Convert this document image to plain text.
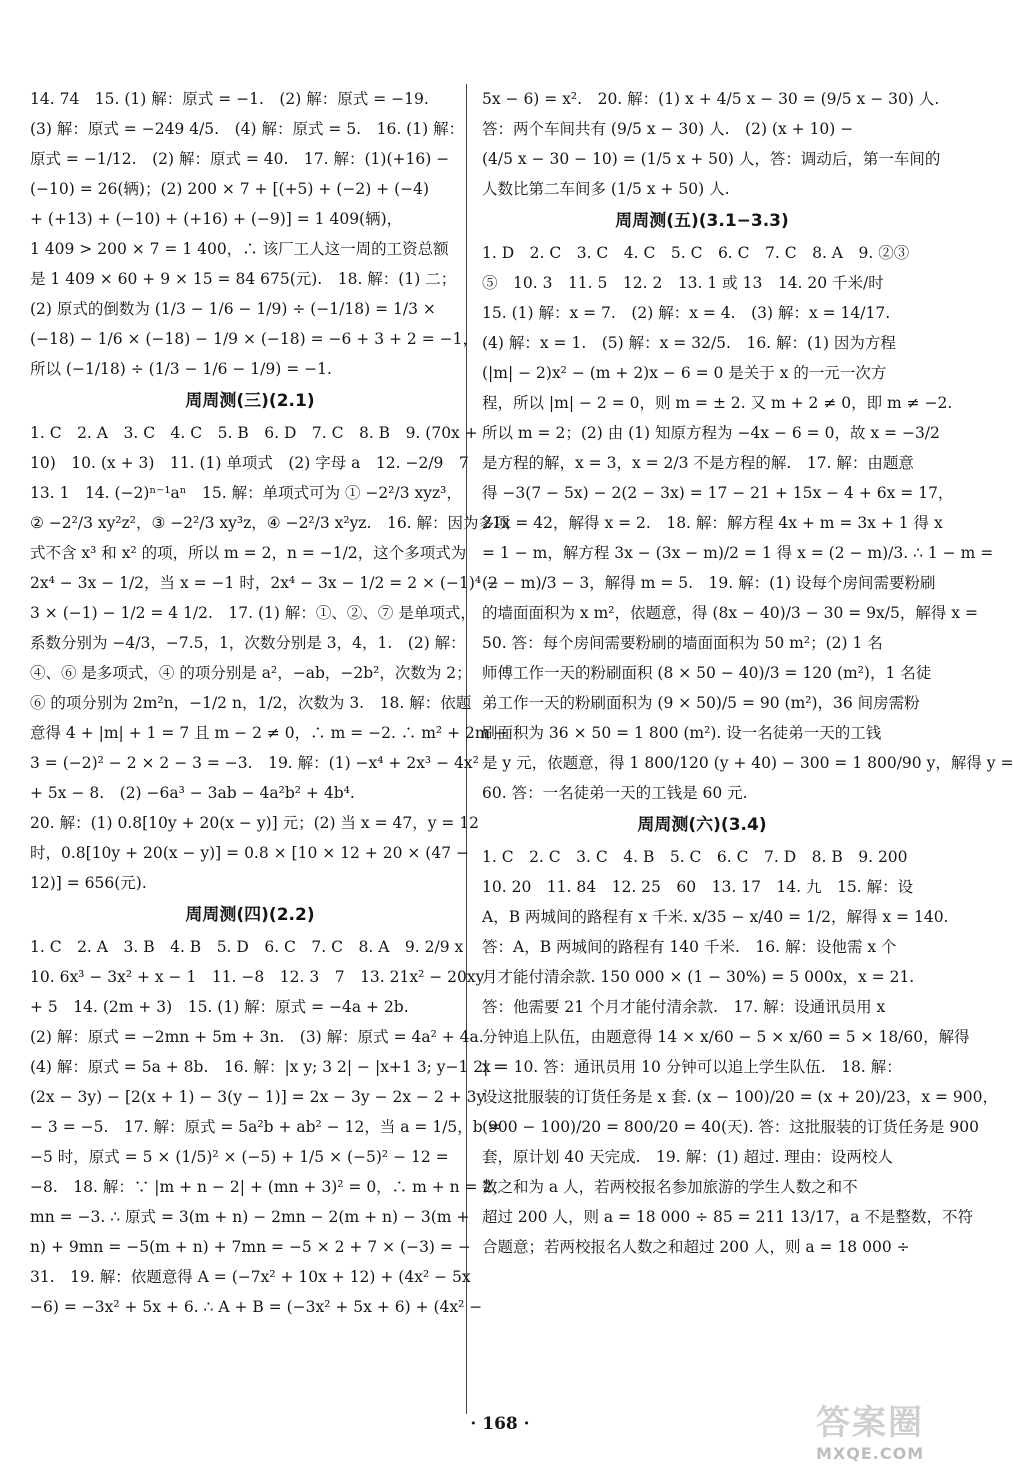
14. 74　15. (1) 解：原式 = −1.　(2) 解：原式 = −19.
(3) 解：原式 = −249 4/5.　(4) 解：原式 = 5.　16. (1) 解：
原式 = −1/12.　(2) 解：原式 = 40.　17. 解：(1)(+16) −
(−10) = 26(辆)；(2) 200 × 7 + [(+5) + (−2) + (−4)
+ (+13) + (−10) + (+16) + (−9)] = 1 409(辆)，
1 409 > 200 × 7 = 1 400，∴ 该厂工人这一周的工资总额
是 1 409 × 60 + 9 × 15 = 84 675(元).　18. 解：(1) 二；
(2) 原式的倒数为 (1/3 − 1/6 − 1/9) ÷ (−1/18) = 1/3 ×
(−18) − 1/6 × (−18) − 1/9 × (−18) = −6 + 3 + 2 = −1，
所以 (−1/18) ÷ (1/3 − 1/6 − 1/9) = −1.
周周测(三)(2.1)
1. C　2. A　3. C　4. C　5. B　6. D　7. C　8. B　9. (70x +
10)　10. (x + 3)　11. (1) 单项式　(2) 字母 a　12. −2/9　7
13. 1　14. (−2)ⁿ⁻¹aⁿ　15. 解：单项式可为 ① −2²/3 xyz³，
② −2²/3 xy²z²，③ −2²/3 xy³z，④ −2²/3 x²yz.　16. 解：因为多项
式不含 x³ 和 x² 的项，所以 m = 2，n = −1/2，这个多项式为
2x⁴ − 3x − 1/2，当 x = −1 时，2x⁴ − 3x − 1/2 = 2 × (−1)⁴ −
3 × (−1) − 1/2 = 4 1/2.　17. (1) 解：①、②、⑦ 是单项式，
系数分别为 −4/3，−7.5，1，次数分别是 3，4，1.　(2) 解：
④、⑥ 是多项式，④ 的项分别是 a²，−ab，−2b²，次数为 2；
⑥ 的项分别为 2m²n，−1/2 n，1/2，次数为 3.　18. 解：依题
意得 4 + |m| + 1 = 7 且 m − 2 ≠ 0，∴ m = −2. ∴ m² + 2m −
3 = (−2)² − 2 × 2 − 3 = −3.　19. 解：(1) −x⁴ + 2x³ − 4x²
+ 5x − 8.　(2) −6a³ − 3ab − 4a²b² + 4b⁴.
20. 解：(1) 0.8[10y + 20(x − y)] 元；(2) 当 x = 47，y = 12
时，0.8[10y + 20(x − y)] = 0.8 × [10 × 12 + 20 × (47 −
12)] = 656(元).
周周测(四)(2.2)
1. C　2. A　3. B　4. B　5. D　6. C　7. C　8. A　9. 2/9 x
10. 6x³ − 3x² + x − 1　11. −8　12. 3　7　13. 21x² − 20xy
+ 5　14. (2m + 3)　15. (1) 解：原式 = −4a + 2b.
(2) 解：原式 = −2mn + 5m + 3n.　(3) 解：原式 = 4a² + 4a.
(4) 解：原式 = 5a + 8b.　16. 解：|x y; 3 2| − |x+1 3; y−1 2| =
(2x − 3y) − [2(x + 1) − 3(y − 1)] = 2x − 3y − 2x − 2 + 3y
− 3 = −5.　17. 解：原式 = 5a²b + ab² − 12，当 a = 1/5，b =
−5 时，原式 = 5 × (1/5)² × (−5) + 1/5 × (−5)² − 12 =
−8.　18. 解：∵ |m + n − 2| + (mn + 3)² = 0，∴ m + n = 2，
mn = −3. ∴ 原式 = 3(m + n) − 2mn − 2(m + n) − 3(m +
n) + 9mn = −5(m + n) + 7mn = −5 × 2 + 7 × (−3) = −
31.　19. 解：依题意得 A = (−7x² + 10x + 12) + (4x² − 5x
−6) = −3x² + 5x + 6. ∴ A + B = (−3x² + 5x + 6) + (4x² −
5x − 6) = x².　20. 解：(1) x + 4/5 x − 30 = (9/5 x − 30) 人.
答：两个车间共有 (9/5 x − 30) 人.　(2) (x + 10) −
(4/5 x − 30 − 10) = (1/5 x + 50) 人，答：调动后，第一车间的
人数比第二车间多 (1/5 x + 50) 人.
周周测(五)(3.1−3.3)
1. D　2. C　3. C　4. C　5. C　6. C　7. C　8. A　9. ②③
⑤　10. 3　11. 5　12. 2　13. 1 或 13　14. 20 千米/时
15. (1) 解：x = 7.　(2) 解：x = 4.　(3) 解：x = 14/17.
(4) 解：x = 1.　(5) 解：x = 32/5.　16. 解：(1) 因为方程
(|m| − 2)x² − (m + 2)x − 6 = 0 是关于 x 的一元一次方
程，所以 |m| − 2 = 0，则 m = ± 2. 又 m + 2 ≠ 0，即 m ≠ −2.
所以 m = 2；(2) 由 (1) 知原方程为 −4x − 6 = 0，故 x = −3/2
是方程的解，x = 3，x = 2/3 不是方程的解.　17. 解：由题意
得 −3(7 − 5x) − 2(2 − 3x) = 17 − 21 + 15x − 4 + 6x = 17，
21x = 42，解得 x = 2.　18. 解：解方程 4x + m = 3x + 1 得 x
= 1 − m，解方程 3x − (3x − m)/2 = 1 得 x = (2 − m)/3. ∴ 1 − m =
(2 − m)/3 − 3，解得 m = 5.　19. 解：(1) 设每个房间需要粉刷
的墙面面积为 x m²，依题意，得 (8x − 40)/3 − 30 = 9x/5，解得 x =
50. 答：每个房间需要粉刷的墙面面积为 50 m²；(2) 1 名
师傅工作一天的粉刷面积 (8 × 50 − 40)/3 = 120 (m²)，1 名徒
弟工作一天的粉刷面积为 (9 × 50)/5 = 90 (m²)，36 间房需粉
刷面积为 36 × 50 = 1 800 (m²). 设一名徒弟一天的工钱
是 y 元，依题意，得 1 800/120 (y + 40) − 300 = 1 800/90 y，解得 y =
60. 答：一名徒弟一天的工钱是 60 元.
周周测(六)(3.4)
1. C　2. C　3. C　4. B　5. C　6. C　7. D　8. B　9. 200
10. 20　11. 84　12. 25　60　13. 17　14. 九　15. 解：设
A，B 两城间的路程有 x 千米. x/35 − x/40 = 1/2，解得 x = 140.
答：A，B 两城间的路程有 140 千米.　16. 解：设他需 x 个
月才能付清余款. 150 000 × (1 − 30%) = 5 000x，x = 21.
答：他需要 21 个月才能付清余款.　17. 解：设通讯员用 x
分钟追上队伍，由题意得 14 × x/60 − 5 × x/60 = 5 × 18/60，解得
x = 10. 答：通讯员用 10 分钟可以追上学生队伍.　18. 解：
设这批服装的订货任务是 x 套. (x − 100)/20 = (x + 20)/23，x = 900，
(900 − 100)/20 = 800/20 = 40(天). 答：这批服装的订货任务是 900
套，原计划 40 天完成.　19. 解：(1) 超过. 理由：设两校人
数之和为 a 人，若两校报名参加旅游的学生人数之和不
超过 200 人，则 a = 18 000 ÷ 85 = 211 13/17，a 不是整数，不符
合题意；若两校报名人数之和超过 200 人，则 a = 18 000 ÷
· 168 ·	答案圈
MXQE.COM
